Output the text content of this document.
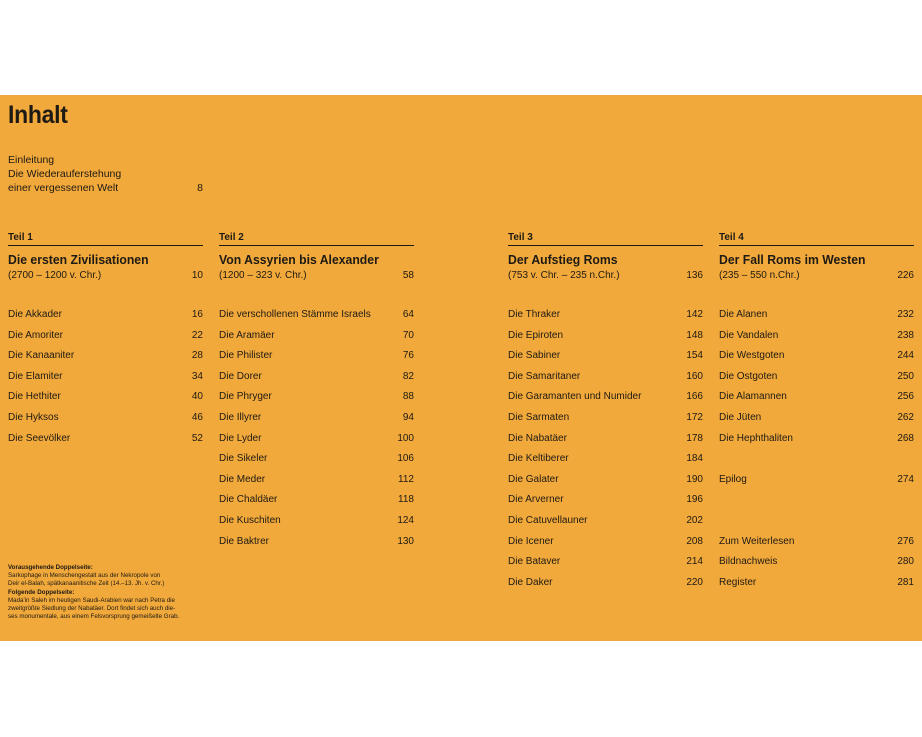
Inhalt
Einleitung
Die Wiederauferstehung
einer vergessenen Welt	8
Teil 1
Die ersten Zivilisationen
(2700 – 1200 v. Chr.)	10
Teil 2
Von Assyrien bis Alexander
(1200 – 323 v. Chr.)	58
Teil 3
Der Aufstieg Roms
(753 v. Chr. – 235 n.Chr.)	136
Teil 4
Der Fall Roms im Westen
(235 – 550 n.Chr.)	226
Die Akkader	16
Die Amoriter	22
Die Kanaaniter	28
Die Elamiter	34
Die Hethiter	40
Die Hyksos	46
Die Seevölker	52
Die verschollenen Stämme Israels	64
Die Aramäer	70
Die Philister	76
Die Dorer	82
Die Phryger	88
Die Illyrer	94
Die Lyder	100
Die Sikeler	106
Die Meder	112
Die Chaldäer	118
Die Kuschiten	124
Die Baktrer	130
Die Thraker	142
Die Epiroten	148
Die Sabiner	154
Die Samaritaner	160
Die Garamanten und Numider	166
Die Sarmaten	172
Die Nabatäer	178
Die Keltiberer	184
Die Galater	190
Die Arverner	196
Die Catuvellauner	202
Die Icener	208
Die Bataver	214
Die Daker	220
Die Alanen	232
Die Vandalen	238
Die Westgoten	244
Die Ostgoten	250
Die Alamannen	256
Die Jüten	262
Die Hephthaliten	268
Epilog	274
Zum Weiterlesen	276
Bildnachweis	280
Register	281
Vorausgehende Doppelseite:
Sarkophage in Menschengestalt aus der Nekropole von
Deir el-Balah, spätkanaanitische Zeit (14.–13. Jh. v. Chr.)
Folgende Doppelseite:
Mada'in Saleh im heutigen Saudi-Arabien war nach Petra die
zweitgrößte Siedlung der Nabatäer. Dort findet sich auch die-
ses monumentale, aus einem Felsvorsprung gemeißelte Grab.
